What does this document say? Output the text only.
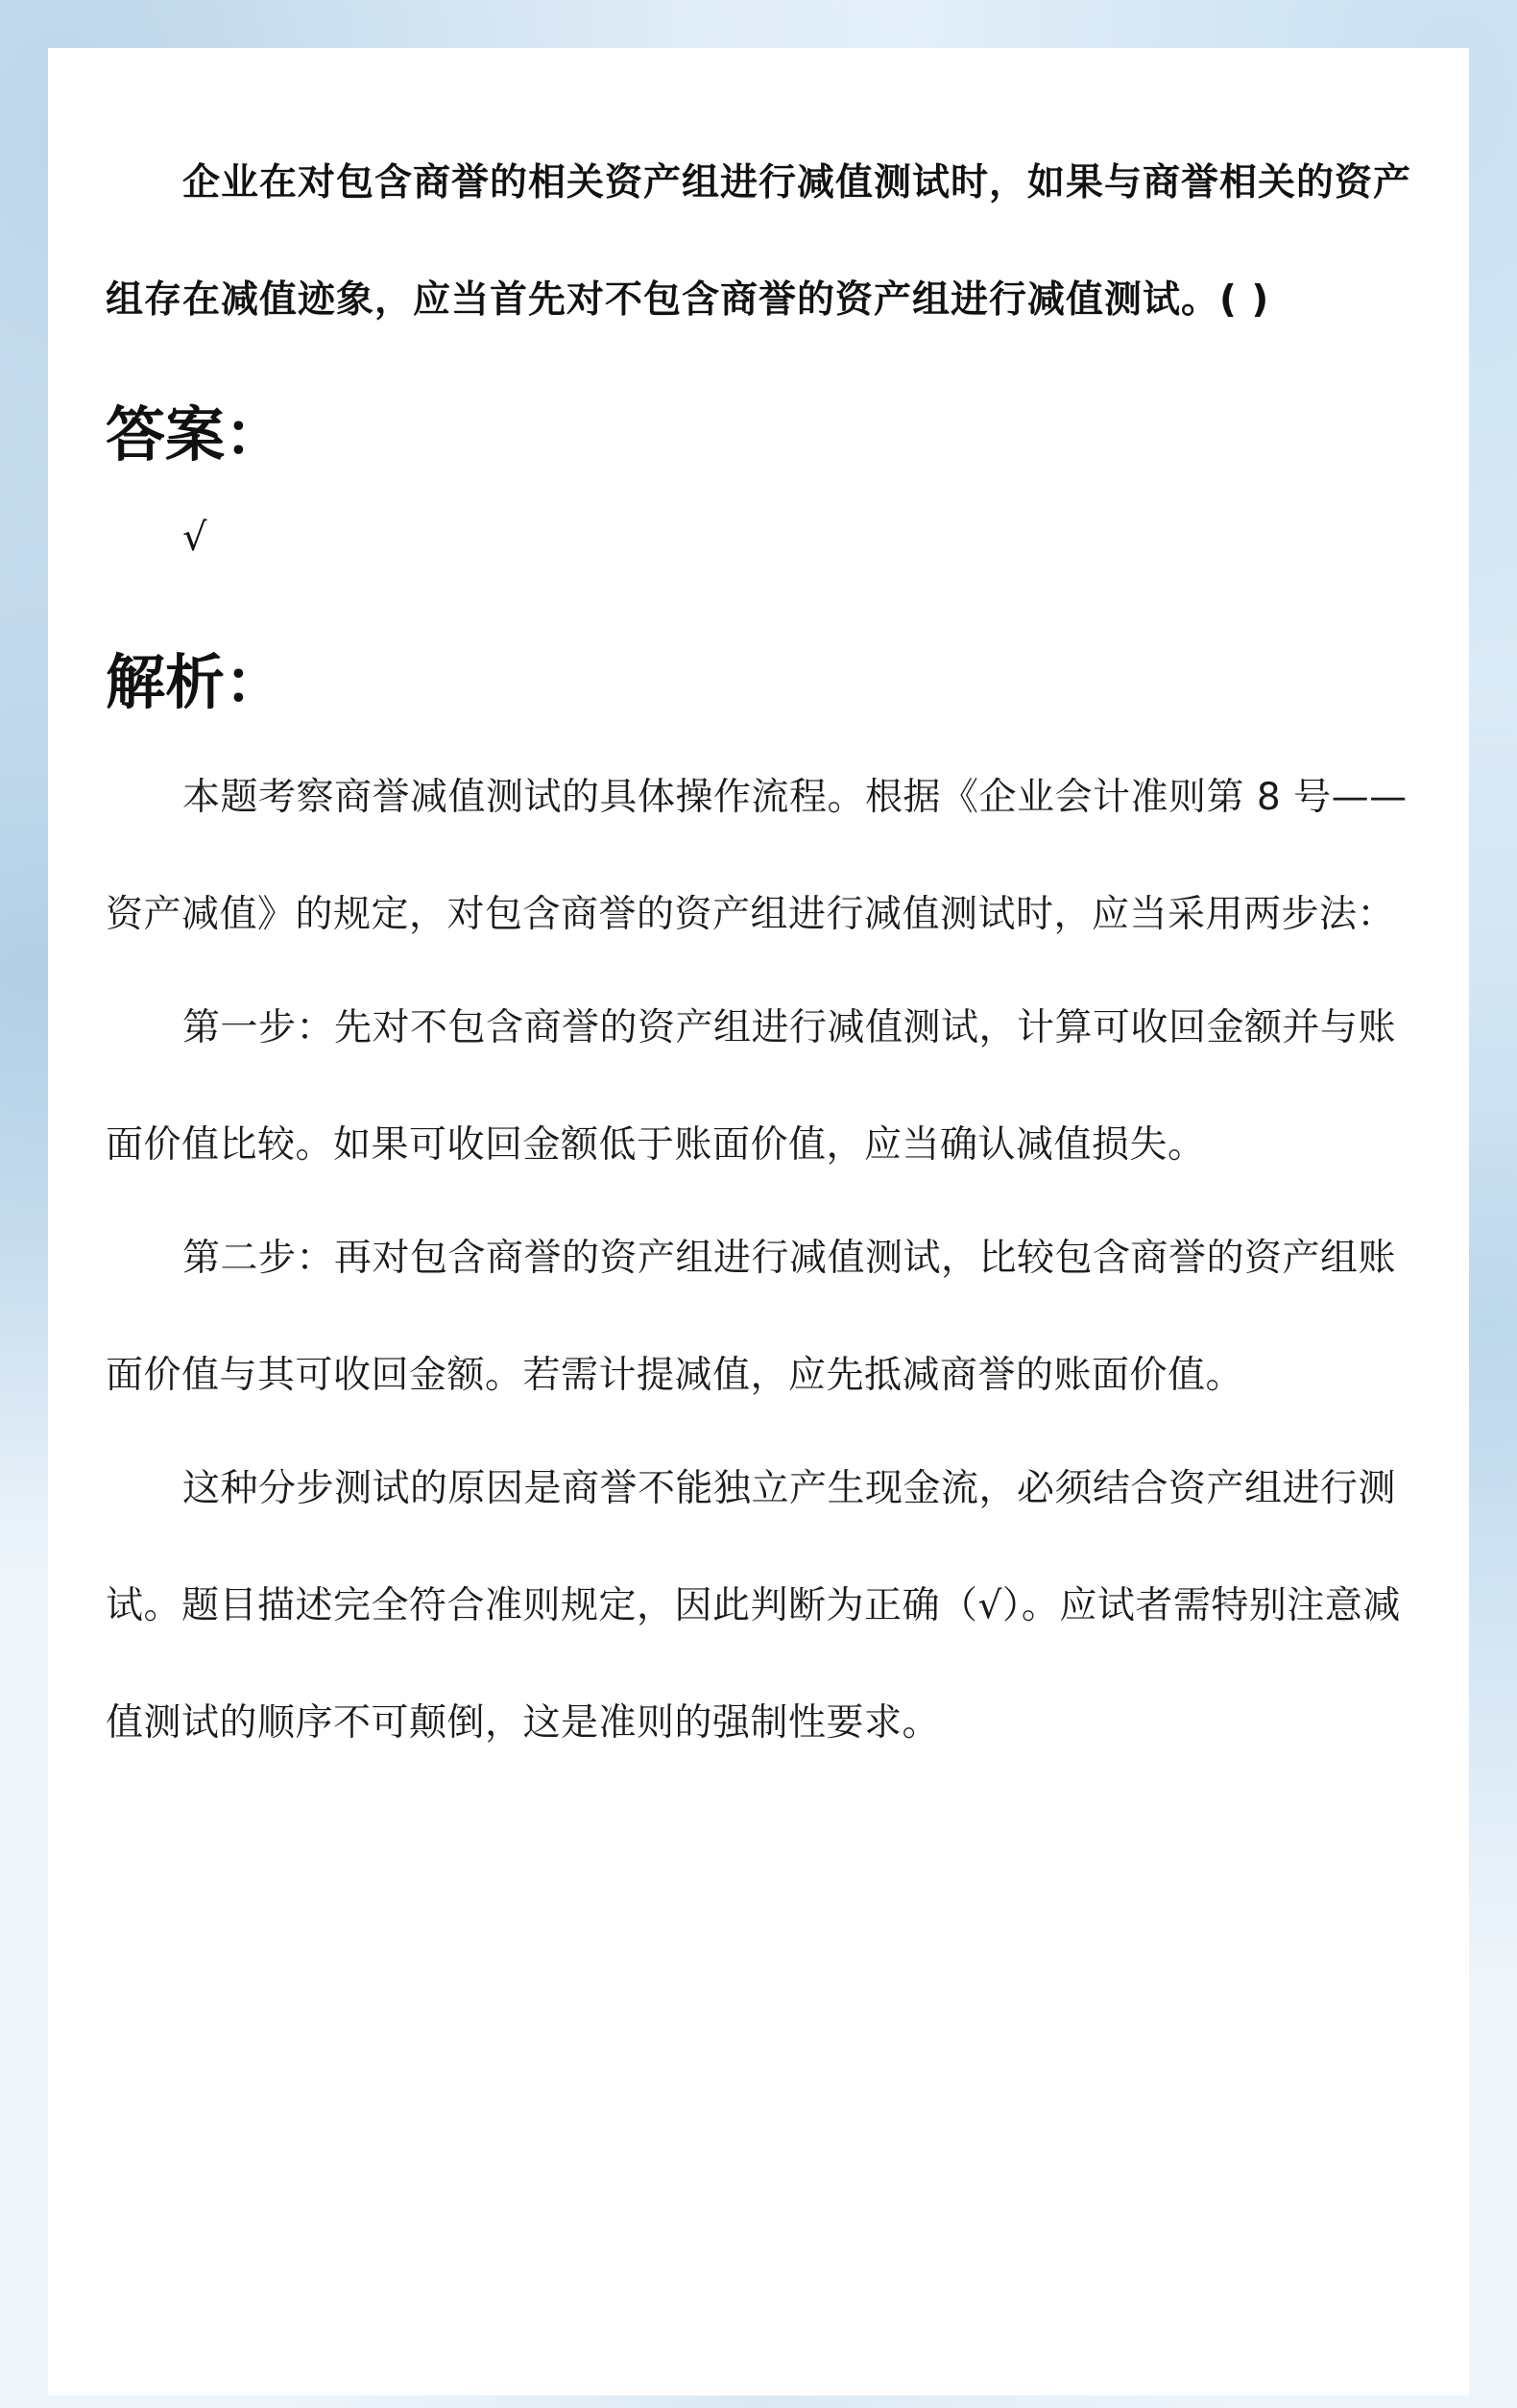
企业在对包含商誉的相关资产组进行减值测试时，如果与商誉相关的资产组存在减值迹象，应当首先对不包含商誉的资产组进行减值测试。( )

答案：
√
解析：

本题考察商誉减值测试的具体操作流程。根据《企业会计准则第 8 号——资产减值》的规定，对包含商誉的资产组进行减值测试时，应当采用两步法：

第一步：先对不包含商誉的资产组进行减值测试，计算可收回金额并与账面价值比较。如果可收回金额低于账面价值，应当确认减值损失。

第二步：再对包含商誉的资产组进行减值测试，比较包含商誉的资产组账面价值与其可收回金额。若需计提减值，应先抵减商誉的账面价值。

这种分步测试的原因是商誉不能独立产生现金流，必须结合资产组进行测试。题目描述完全符合准则规定，因此判断为正确（√）。应试者需特别注意减值测试的顺序不可颠倒，这是准则的强制性要求。
